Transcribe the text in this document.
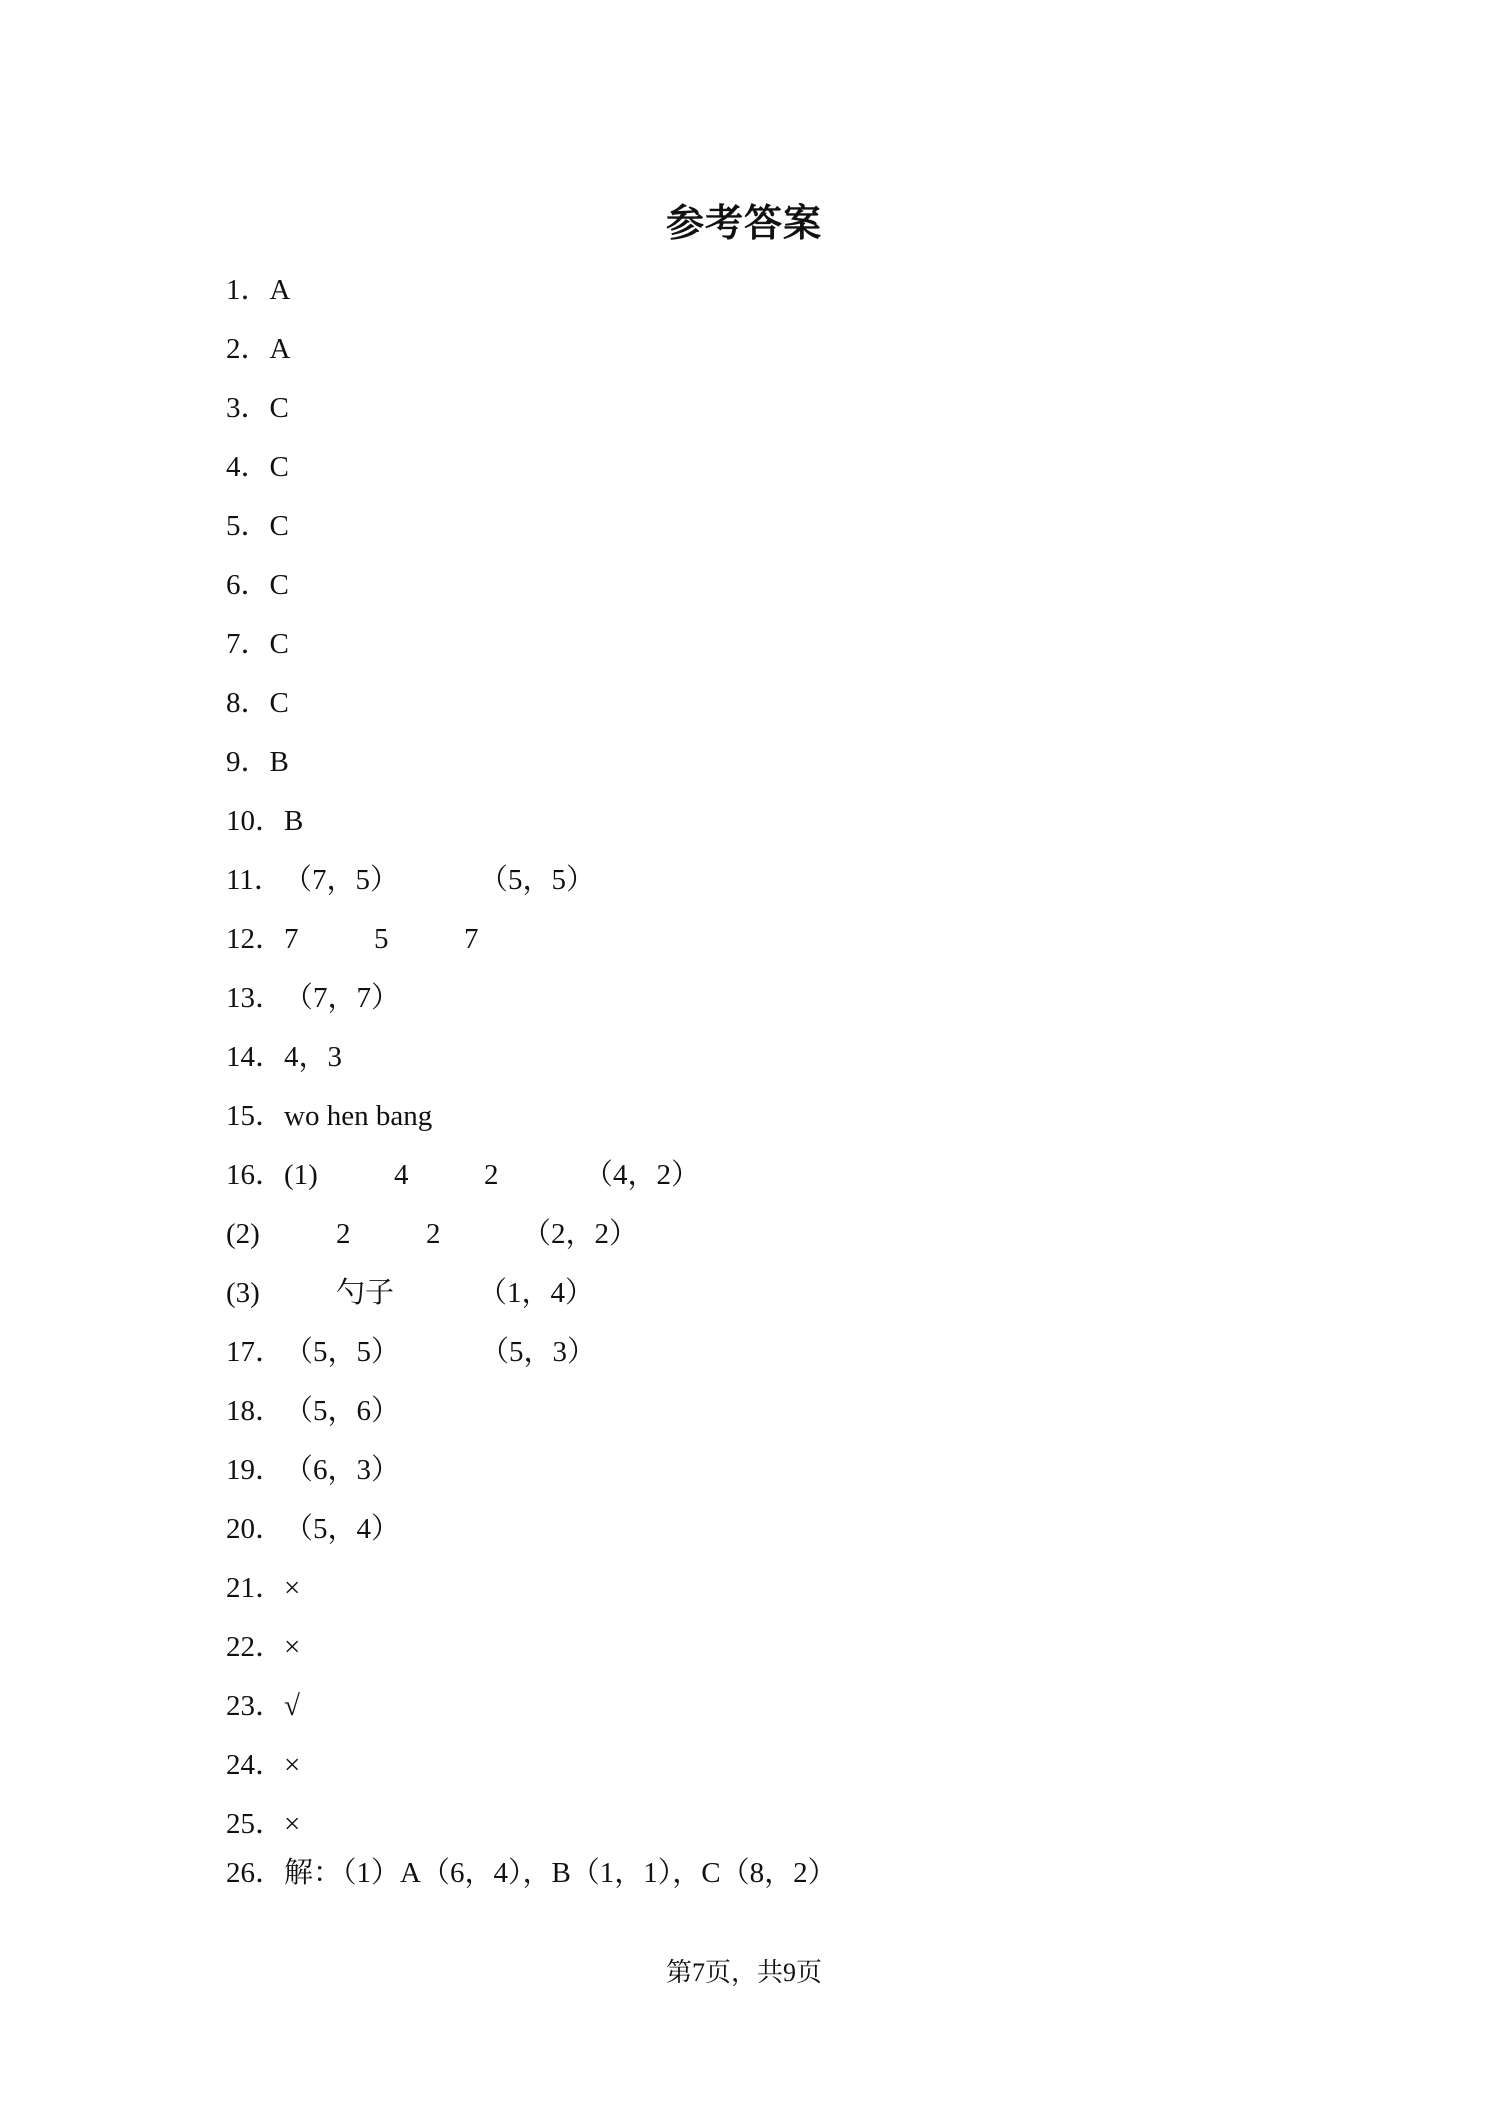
参考答案
1．A
2．A
3．C
4．C
5．C
6．C
7．C
8．C
9．B
10．B
11．（7，5）	（5，5）
12．7	5	7
13．（7，7）
14．4，3
15．wo hen bang
16．(1)	4	2	（4，2）
(2)	2	2	（2，2）
(3)	勺子	（1，4）
17．（5，5）	（5，3）
18．（5，6）
19．（6，3）
20．（5，4）
21．×
22．×
23．√
24．×
25．×
26．解：（1）A（6，4），B（1，1），C（8，2）
第7页，共9页
